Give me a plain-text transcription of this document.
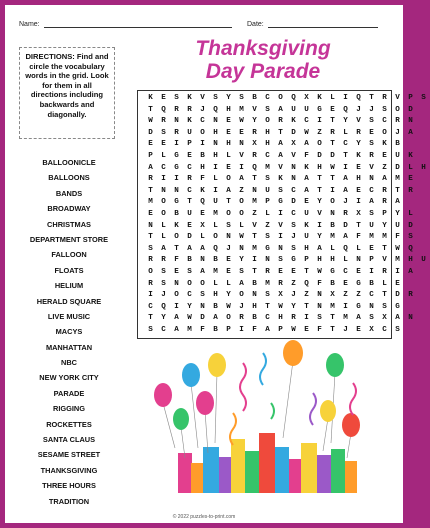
Name:	Date:
DIRECTIONS: Find and circle the vocabulary words in the grid. Look for them in all directions including backwards and diagonally.
Thanksgiving
Day Parade
K E S K V S Y S B C O Q X K L I Q T R V P S
T Q R R J Q H M V S A U U G E Q J J S O D
W R N K C N E W Y O R K C I T Y V S C R N
D S R U O H E E R H T D W Z R L R E O J A
E E I P I N H N X H A X A O T C Y S K B
P L G E B H L V R C A V F D D T K R E U K
A C G C H I E I Q M V N K H W I E V Z D L H
R I I R F L O A T S K N A T T A H N A M E
T N N C K I A Z N U S C A T I A E C R T R
M O G T Q U T O M P G D E Y O J I A R A
E O B U E M O O Z L I C U V N R X S P Y L
N L K E X L S L V Z V S K I B D T U Y U D
T L O D L O N W T S I J U Y M A F M M F S
S A T A A Q J N M G N S H A L Q L E T W Q
R R F B N B E Y I N S G P H H L N P V M H U
O S E S A M E S T R E E T W G C E I R I A
R S N O O L L A B M R Z Q F B E G B L E
I J O C S H Y O N S X J Z N X Z Z C T D R
C Q I Y N B W J H T W Y T N M I G N S G
T Y A W D A O R B C H R I S T M A S X A N
S C A M F B P I F A P W E F T J E X C S
BALLOONICLE
BALLOONS
BANDS
BROADWAY
CHRISTMAS
DEPARTMENT STORE
FALLOON
FLOATS
HELIUM
HERALD SQUARE
LIVE MUSIC
MACYS
MANHATTAN
NBC
NEW YORK CITY
PARADE
RIGGING
ROCKETTES
SANTA CLAUS
SESAME STREET
THANKSGIVING
THREE HOURS
TRADITION
© 2022 puzzles-to-print.com
